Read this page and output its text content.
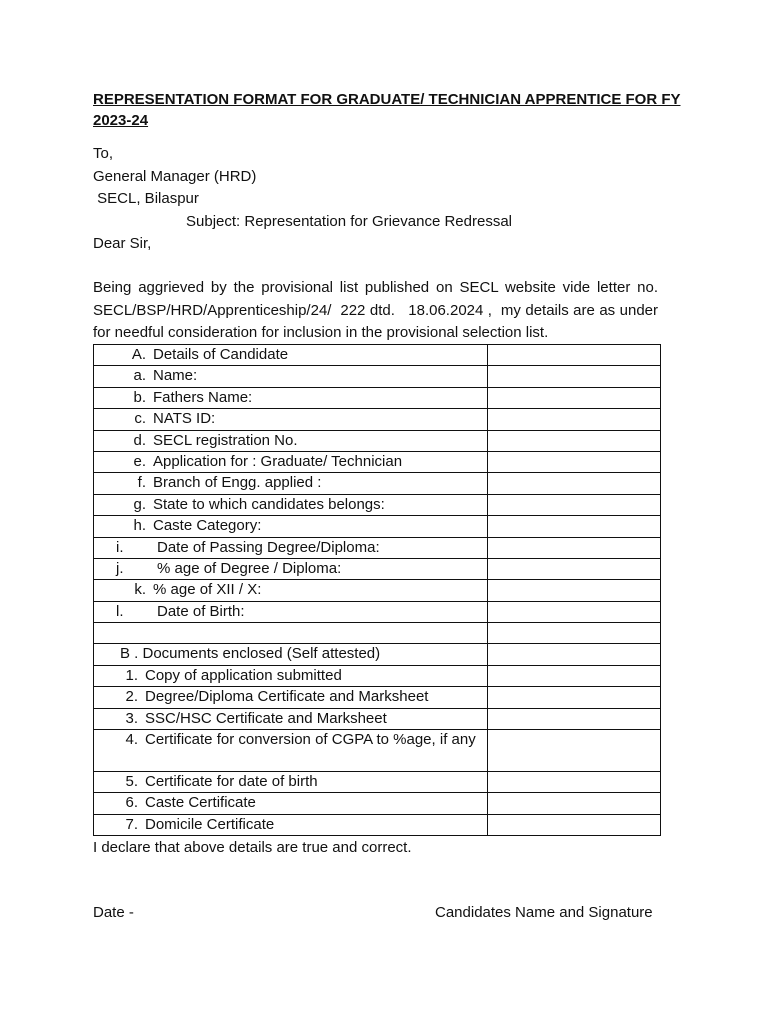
REPRESENTATION FORMAT FOR GRADUATE/ TECHNICIAN APPRENTICE FOR FY 2023-24

To,
General Manager (HRD)
SECL, Bilaspur
Subject: Representation for Grievance Redressal
Dear Sir,

Being aggrieved by the provisional list published on SECL website vide letter no. SECL/BSP/HRD/Apprenticeship/24/  222 dtd.   18.06.2024 ,  my details are as under for needful consideration for inclusion in the provisional selection list.

A. Details of Candidate	

a. Name:	

b. Fathers Name:	

c. NATS ID:	

d. SECL registration No.	

e. Application for : Graduate/ Technician	

f. Branch of Engg. applied :	

g. State to which candidates belongs:	

h. Caste Category:	

i. Date of Passing Degree/Diploma:	

j. % age of Degree / Diploma:	

k. % age of XII / X:	

l. Date of Birth:	

B . Documents enclosed (Self attested)	

1. Copy of application submitted	

2. Degree/Diploma Certificate and Marksheet	

3. SSC/HSC Certificate and Marksheet	

4. Certificate for conversion of CGPA to %age, if any	

5. Certificate for date of birth	

6. Caste Certificate	

7. Domicile Certificate	

I declare that above details are true and correct.
Date -	Candidates Name and Signature
